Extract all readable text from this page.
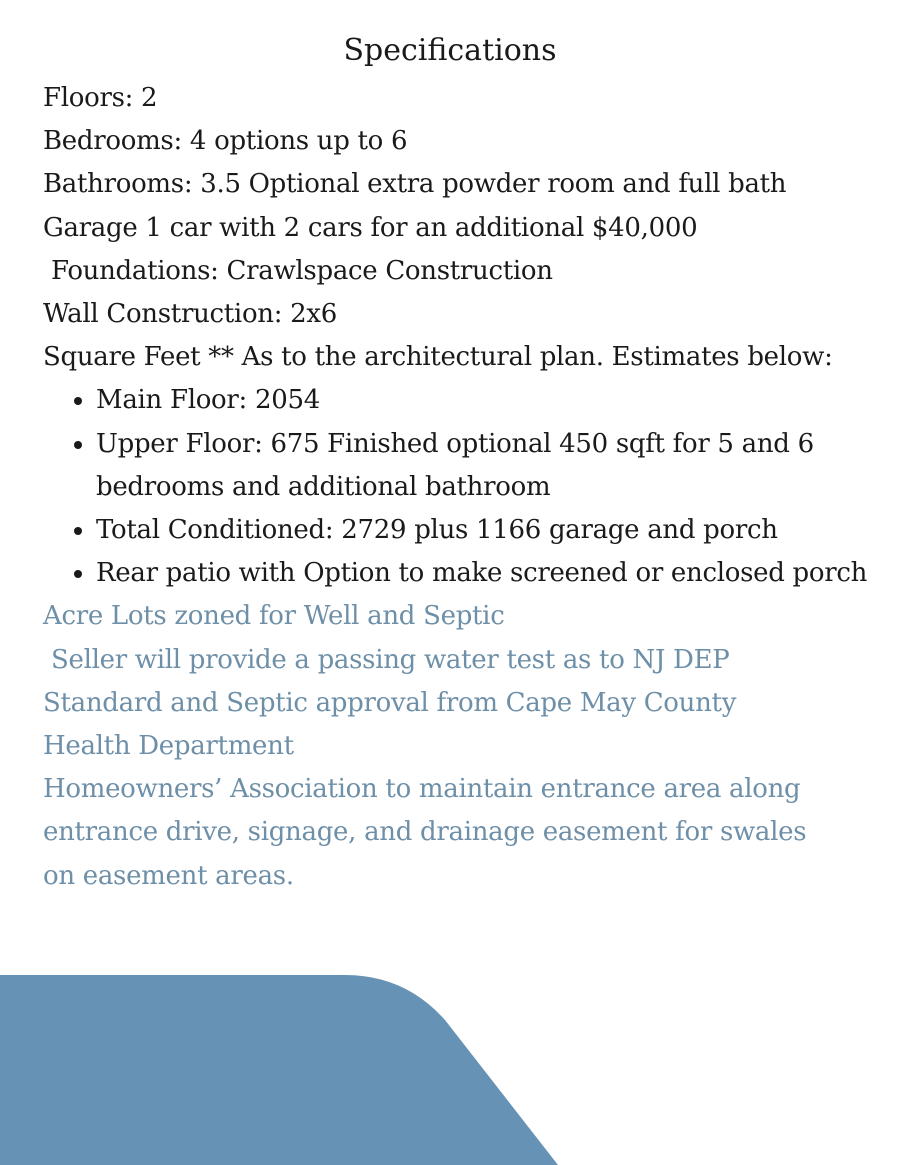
Specifications
Floors: 2
Bedrooms: 4 options up to 6
Bathrooms: 3.5 Optional extra powder room and full bath
Garage 1 car with 2 cars for an additional $40,000
Foundations: Crawlspace Construction
Wall Construction: 2x6
Square Feet ** As to the architectural plan. Estimates below:
Main Floor: 2054
Upper Floor: 675 Finished optional 450 sqft for 5 and 6 bedrooms and additional bathroom
Total Conditioned: 2729 plus 1166 garage and porch
Rear patio with Option to make screened or enclosed porch
Acre Lots zoned for Well and Septic
Seller will provide a passing water test as to NJ DEP
Standard and Septic approval from Cape May County
Health Department
Homeowners’ Association to maintain entrance area along
entrance drive, signage, and drainage easement for swales
on easement areas.
